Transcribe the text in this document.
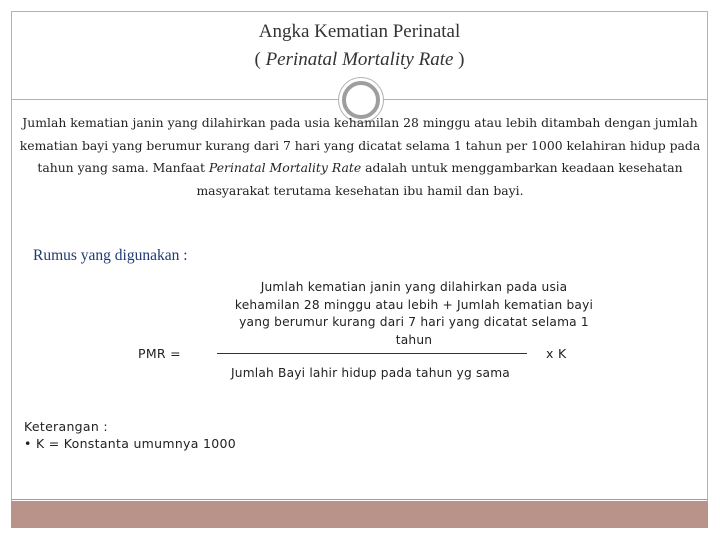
Angka Kematian Perinatal
( Perinatal Mortality Rate )
Jumlah kematian janin yang dilahirkan pada usia kehamilan 28 minggu atau lebih ditambah dengan jumlah kematian bayi yang berumur kurang dari 7 hari yang dicatat selama 1 tahun per 1000 kelahiran hidup pada tahun yang sama. Manfaat Perinatal Mortality Rate adalah untuk menggambarkan keadaan kesehatan masyarakat terutama kesehatan ibu hamil dan bayi.
Rumus yang digunakan :
Jumlah kematian janin yang dilahirkan pada usia
kehamilan 28 minggu atau lebih + Jumlah kematian bayi
yang berumur kurang dari 7 hari yang dicatat selama 1
tahun
PMR =	x K
Jumlah Bayi lahir hidup pada tahun yg sama
Keterangan :
• K = Konstanta umumnya 1000
